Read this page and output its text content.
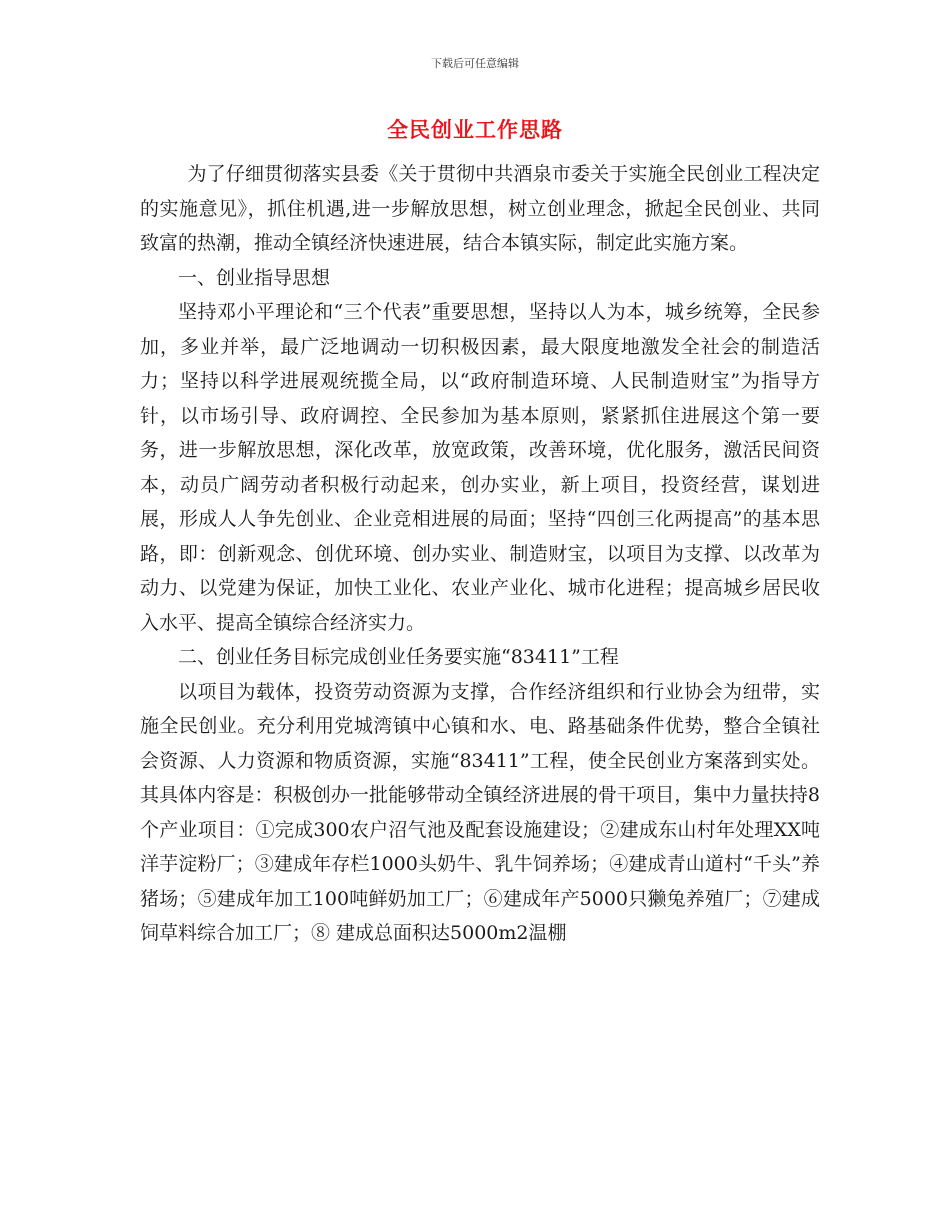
下载后可任意编辑
全民创业工作思路

为了仔细贯彻落实县委《关于贯彻中共酒泉市委关于实施全民创业工程决定的实施意见》，抓住机遇,进一步解放思想，树立创业理念，掀起全民创业、共同致富的热潮，推动全镇经济快速进展，结合本镇实际，制定此实施方案。

一、创业指导思想

坚持邓小平理论和“三个代表”重要思想，坚持以人为本，城乡统筹，全民参加，多业并举，最广泛地调动一切积极因素，最大限度地激发全社会的制造活力；坚持以科学进展观统揽全局，以“政府制造环境、人民制造财宝”为指导方针，以市场引导、政府调控、全民参加为基本原则，紧紧抓住进展这个第一要务，进一步解放思想，深化改革，放宽政策，改善环境，优化服务，激活民间资本，动员广阔劳动者积极行动起来，创办实业，新上项目，投资经营，谋划进展，形成人人争先创业、企业竞相进展的局面；坚持“四创三化两提高”的基本思路，即：创新观念、创优环境、创办实业、制造财宝，以项目为支撑、以改革为动力、以党建为保证，加快工业化、农业产业化、城市化进程；提高城乡居民收入水平、提高全镇综合经济实力。

二、创业任务目标完成创业任务要实施“83411”工程

以项目为载体，投资劳动资源为支撑，合作经济组织和行业协会为纽带，实施全民创业。充分利用党城湾镇中心镇和水、电、路基础条件优势，整合全镇社会资源、人力资源和物质资源，实施“83411”工程，使全民创业方案落到实处。其具体内容是：积极创办一批能够带动全镇经济进展的骨干项目，集中力量扶持8个产业项目：①完成300农户沼气池及配套设施建设；②建成东山村年处理XX吨洋芋淀粉厂；③建成年存栏1000头奶牛、乳牛饲养场；④建成青山道村“千头”养猪场；⑤建成年加工100吨鲜奶加工厂；⑥建成年产5000只獭兔养殖厂；⑦建成饲草料综合加工厂；⑧ 建成总面积达5000m2温棚
